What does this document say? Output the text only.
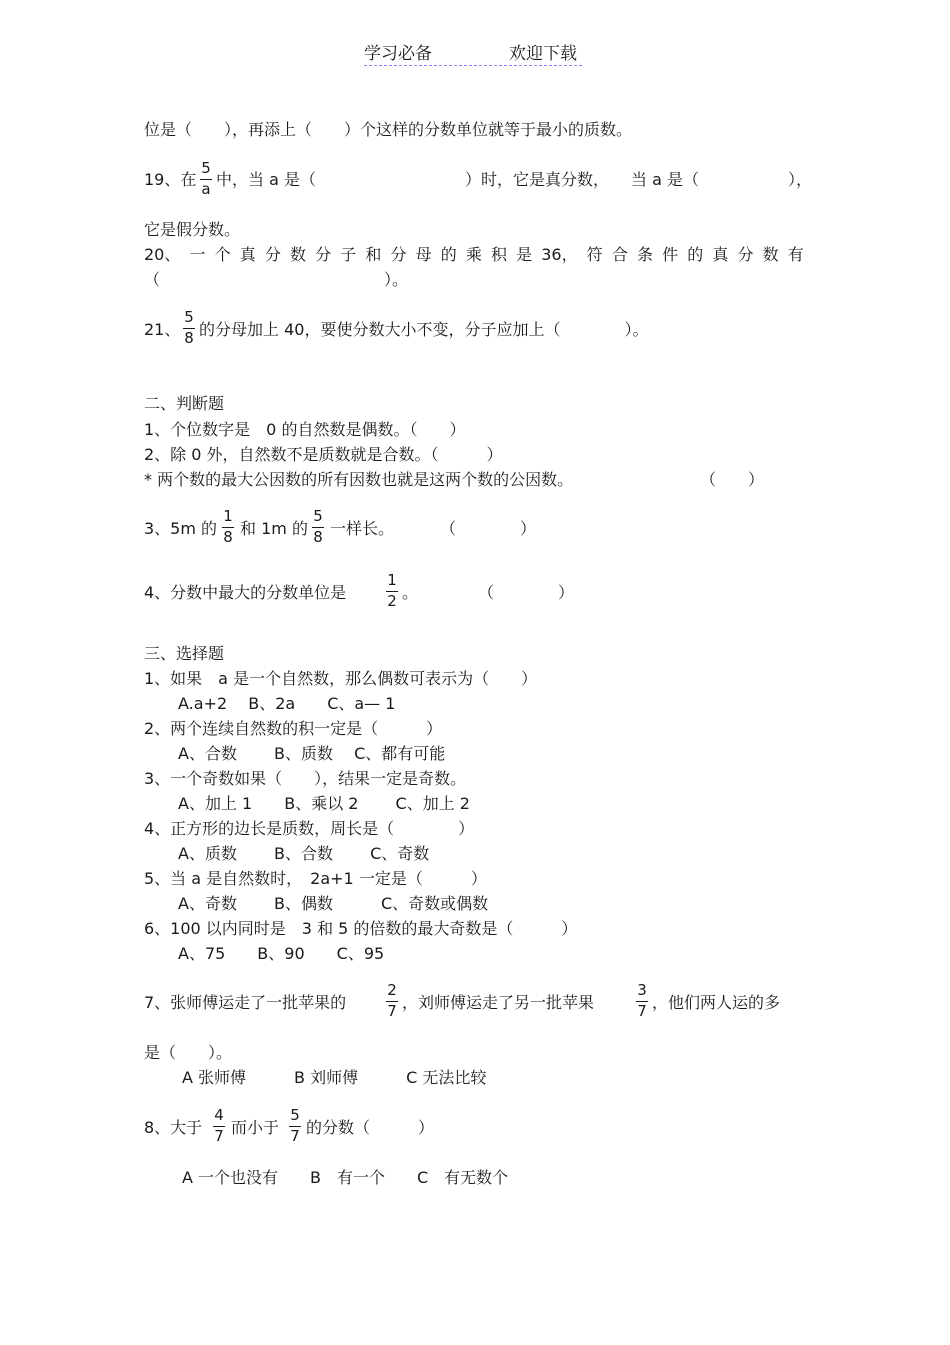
学习必备	欢迎下载
位是（　　），再添上（　　）个这样的分数单位就等于最小的质数。
19、在
5
a 中，当 a 是（	）时，它是真分数， 当 a 是（	），
它是假分数。
20、 一 个 真 分 数 分 子 和 分 母 的 乘 积 是 36， 符 合 条 件 的 真 分 数 有
（　　　　　　　　　　　　　　）。
21、
5
8 的分母加上 40，要使分数大小不变，分子应加上（　　　　）。
二、判断题
1、个位数字是　0 的自然数是偶数。（　　）
2、除 0 外，自然数不是质数就是合数。（　　　）
* 两个数的最大公因数的所有因数也就是这两个数的公因数。	（　　）
3、5m 的
1
8 和 1m 的
5
8 一样长。	（　　　　）
4、分数中最大的分数单位是
1
2 。	（　　　　）
三、选择题
1、如果　a 是一个自然数，那么偶数可表示为（　　）
A.a+2　 B、2a　　C、a— 1
2、两个连续自然数的积一定是（　　　）
A、合数　　 B、质数　 C、都有可能
3、一个奇数如果（　　），结果一定是奇数。
A、加上 1　　B、乘以 2　　 C、加上 2
4、正方形的边长是质数，周长是（　　　　）
A、质数　　 B、合数　　 C、奇数
5、当 a 是自然数时，　2a+1 一定是（　　　）
A、奇数　　 B、偶数　　　C、奇数或偶数
6、100 以内同时是　3 和 5 的倍数的最大奇数是（　　　）
A、75　　B、90　　C、95
7、张师傅运走了一批苹果的
2
7 ，刘师傅运走了另一批苹果
3
7 ，他们两人运的多
是（　　）。
A 张师傅　　　B 刘师傅　　　C 无法比较
8、大于
4
7 而小于
5
7 的分数（　　　）
A 一个也没有　　B　有一个　　C　有无数个
